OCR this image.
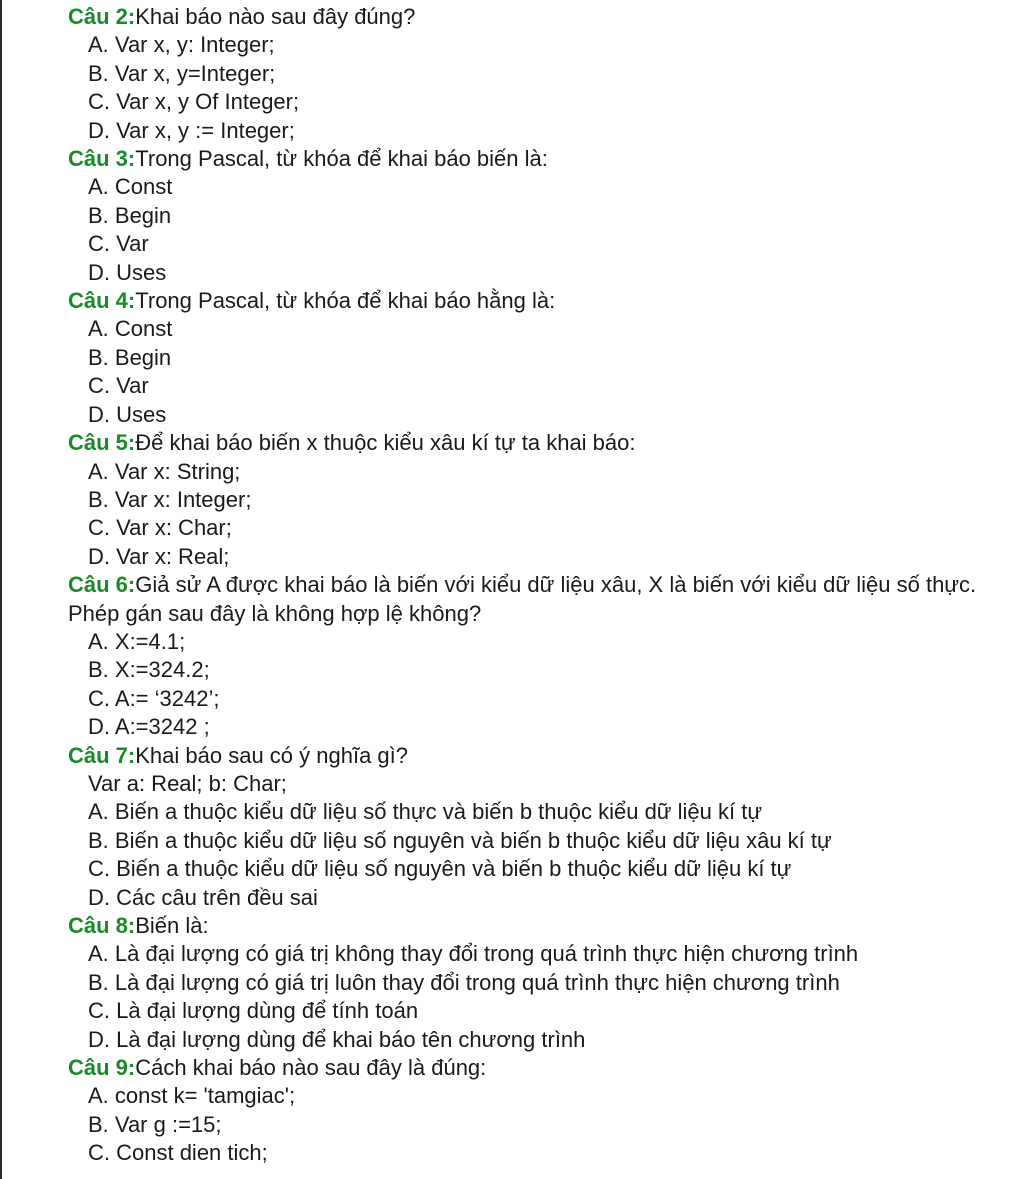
Câu 2:Khai báo nào sau đây đúng?

A. Var x, y: Integer;

B. Var x, y=Integer;

C. Var x, y Of Integer;

D. Var x, y := Integer;

Câu 3:Trong Pascal, từ khóa để khai báo biến là:

A. Const

B. Begin

C. Var

D. Uses

Câu 4:Trong Pascal, từ khóa để khai báo hằng là:

A. Const

B. Begin

C. Var

D. Uses

Câu 5:Để khai báo biến x thuộc kiểu xâu kí tự ta khai báo:

A. Var x: String;

B. Var x: Integer;

C. Var x: Char;

D. Var x: Real;

Câu 6:Giả sử A được khai báo là biến với kiểu dữ liệu xâu, X là biến với kiểu dữ liệu số thực. Phép gán sau đây là không hợp lệ không?

A. X:=4.1;

B. X:=324.2;

C. A:= ‘3242’;

D. A:=3242 ;

Câu 7:Khai báo sau có ý nghĩa gì?

Var a: Real; b: Char;

A. Biến a thuộc kiểu dữ liệu số thực và biến b thuộc kiểu dữ liệu kí tự

B. Biến a thuộc kiểu dữ liệu số nguyên và biến b thuộc kiểu dữ liệu xâu kí tự

C. Biến a thuộc kiểu dữ liệu số nguyên và biến b thuộc kiểu dữ liệu kí tự

D. Các câu trên đều sai

Câu 8:Biến là:

A. Là đại lượng có giá trị không thay đổi trong quá trình thực hiện chương trình

B. Là đại lượng có giá trị luôn thay đổi trong quá trình thực hiện chương trình

C. Là đại lượng dùng để tính toán

D. Là đại lượng dùng để khai báo tên chương trình

Câu 9:Cách khai báo nào sau đây là đúng:

A. const k= 'tamgiac';

B. Var g :=15;

C. Const dien tich;
